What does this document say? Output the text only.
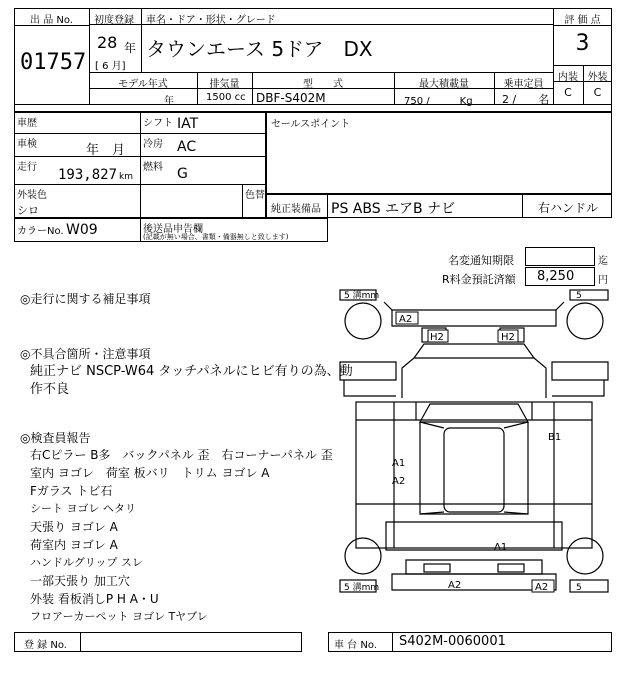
出 品 No.
01757
初度登録
28 年
[ 6 月]
車名・ドア・形状・グレード
タウンエース 5ドア　DX
評 価 点
3
内装 外装
C	C
モデル年式	排気量	型　　式	最大積載量	乗車定員
年	1500 cc DBF-S402M	750 /　　　Kg	2 /　　名
車歴	シフト IAT
車検	年　月 冷房 AC
走行 193,827 km
燃料 G
外装色
シロ
色替
セールスポイント
純正装備品 PS ABS エアB ナビ	右ハンドル
カラーNo. W09	後送品申告欄
(記載が無い場合、書類・備器無しと致します)
名変通知期限	迄
R料金預託済額 8,250 円
◎走行に関する補足事項
◎不具合箇所・注意事項
純正ナビ NSCP-W64 タッチパネルにヒビ有りの為、動
作不良
◎検査員報告
右Cピラー B多　バックパネル 歪　右コーナーパネル 歪
室内 ヨゴレ　荷室 板バリ　トリム ヨゴレ A
Fガラス トビ石
シート ヨゴレ ヘタリ
天張り ヨゴレ A
荷室内 ヨゴレ A
ハンドルグリップ スレ
一部天張り 加工穴
外装 看板消しP H A・U
フロアーカーペット ヨゴレ Tヤブレ
5 溝mm	5
5 溝mm	5
A2
H2	H2
B1
A1
A2
A1
A2	A2
登 録 No.	車 台 No. S402M-0060001
